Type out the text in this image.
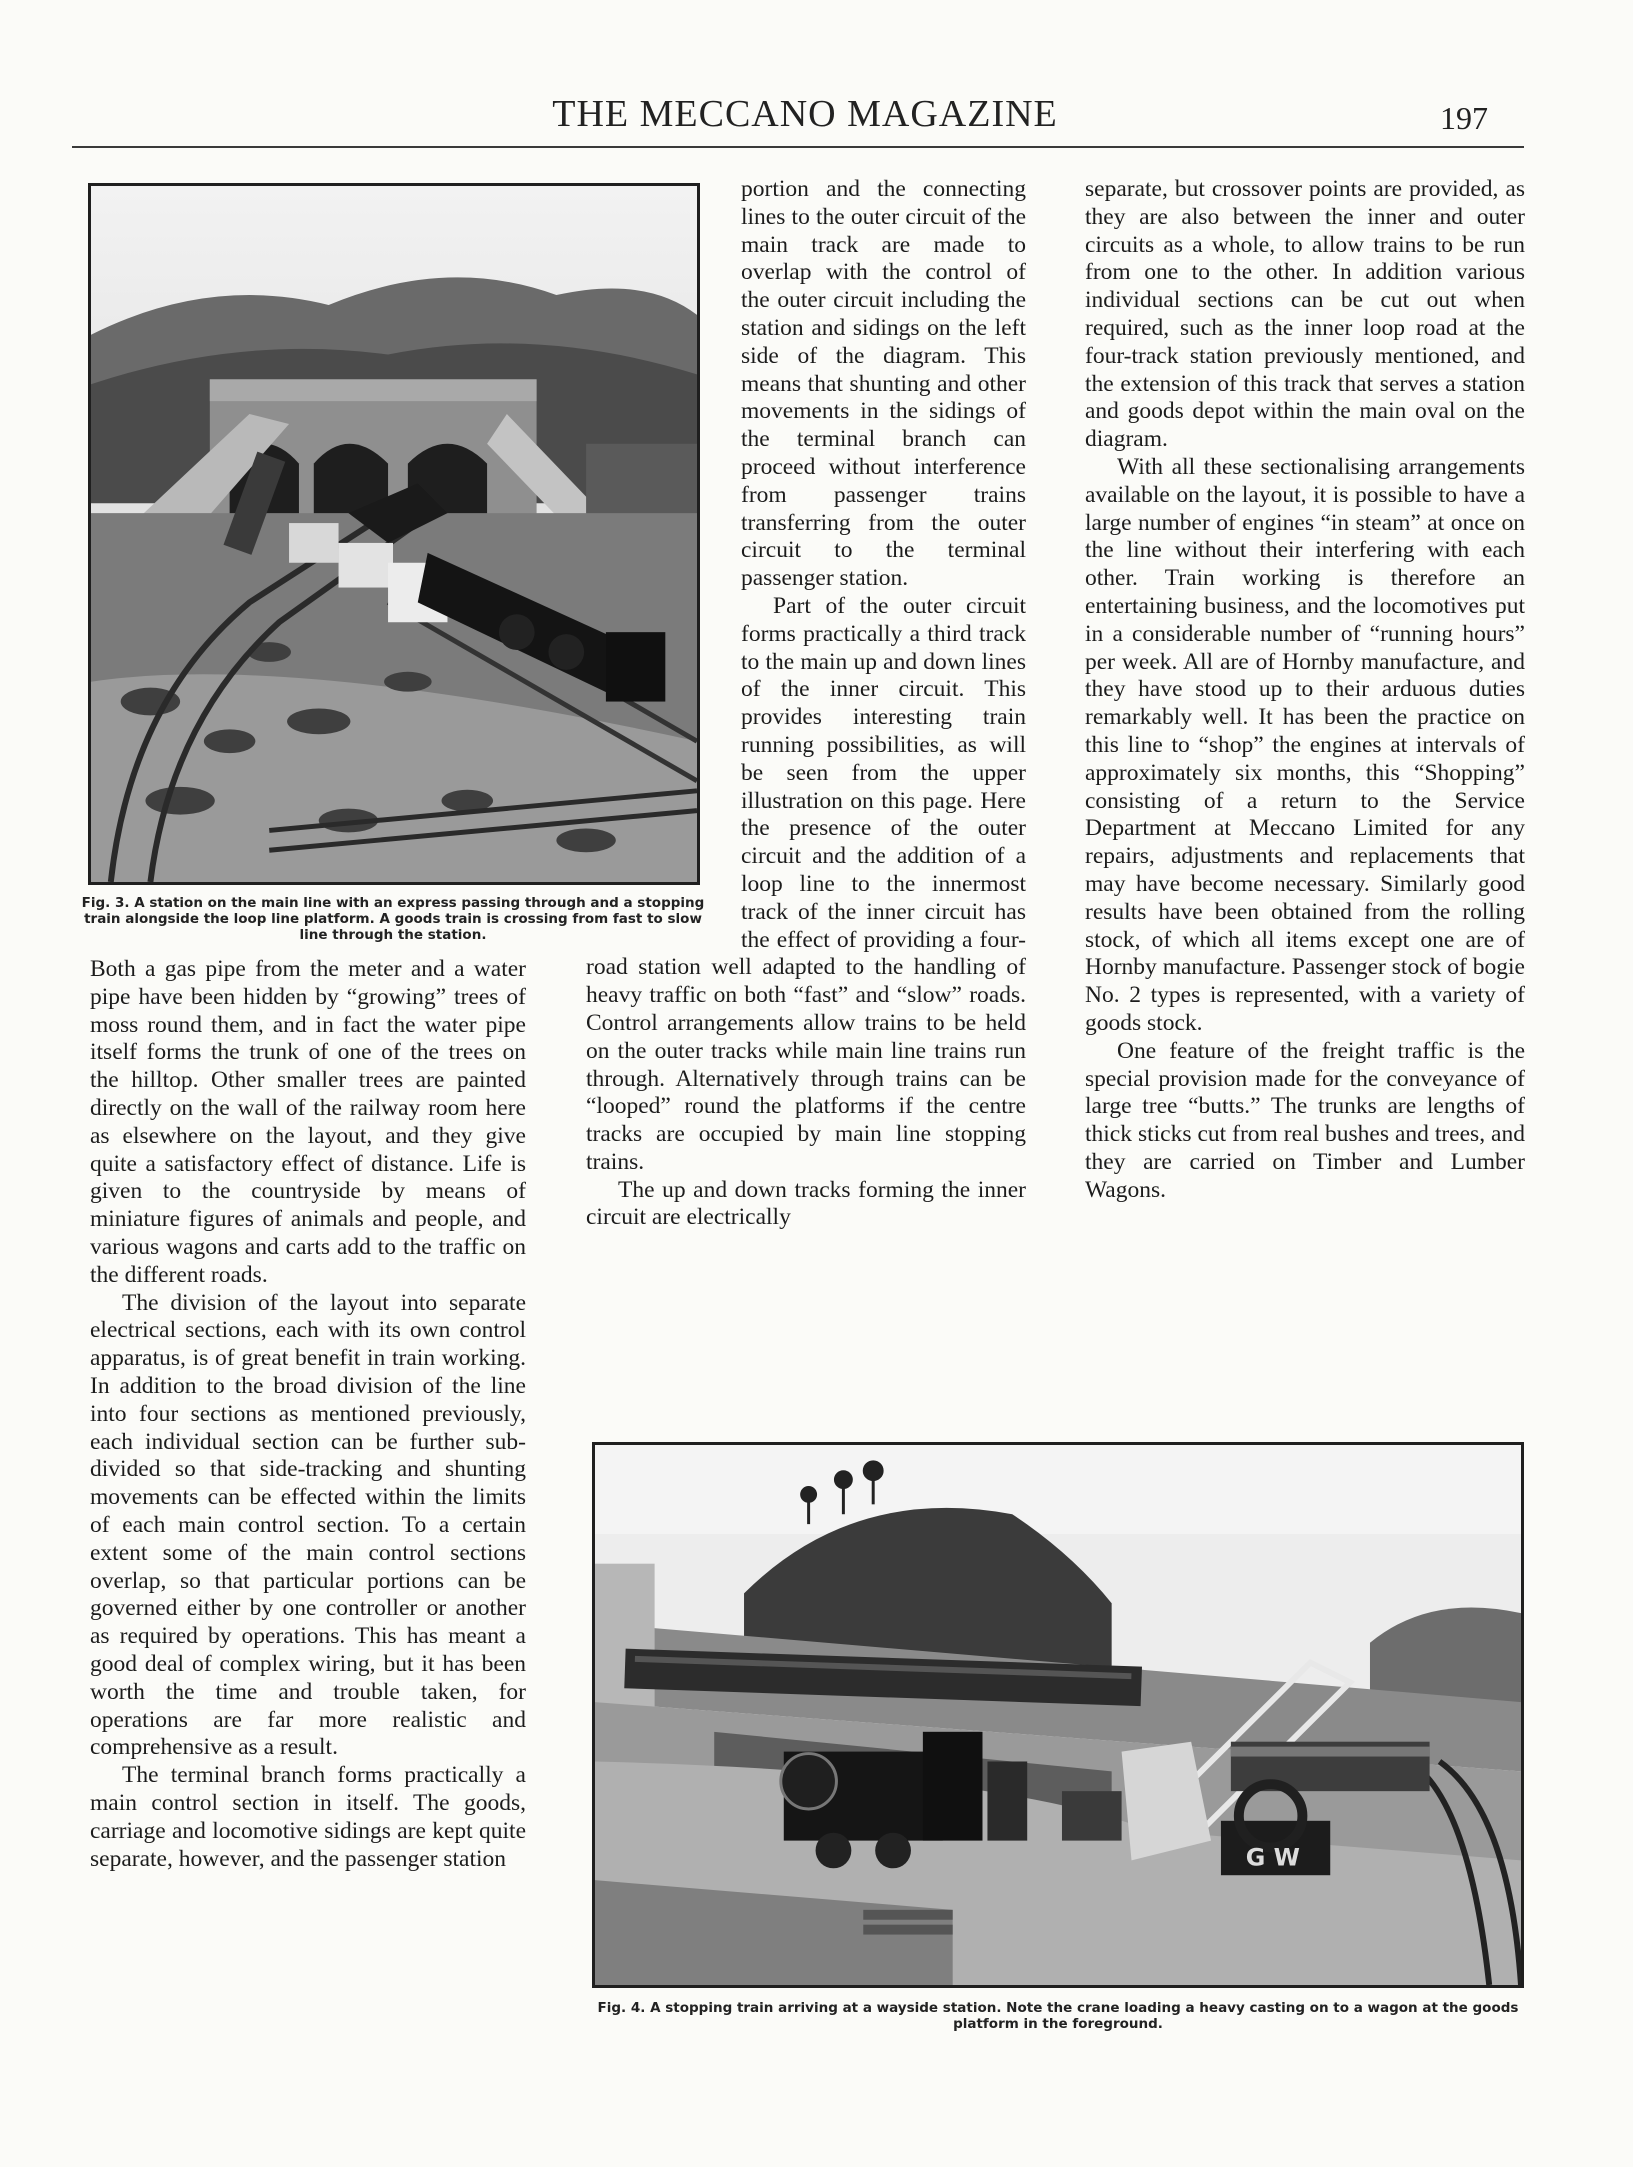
THE MECCANO MAGAZINE	197
Fig. 3. A station on the main line with an express passing through and a stopping train alongside the loop line platform. A goods train is crossing from fast to slow line through the station.

portion and the connecting lines to the outer circuit of the main track are made to overlap with the control of the outer circuit including the station and sidings on the left side of the diagram. This means that shunting and other movements in the sidings of the terminal branch can proceed without interference from passenger trains transferring from the outer circuit to the terminal passenger station.

Part of the outer circuit forms practically a third track to the main up and down lines of the inner circuit. This provides interesting train running possibilities, as will be seen from the upper illustration on this page. Here the presence of the outer circuit and the addition of a loop line to the innermost track of the inner circuit has the effect of providing a four-road station well adapted to the handling of heavy traffic on both “fast” and “slow” roads. Control arrangements allow trains to be held on the outer tracks while main line trains run through. Alternatively through trains can be “looped” round the platforms if the centre tracks are occupied by main line stopping trains.

The up and down tracks forming the inner circuit are electrically

Both a gas pipe from the meter and a water pipe have been hidden by “growing” trees of moss round them, and in fact the water pipe itself forms the trunk of one of the trees on the hilltop. Other smaller trees are painted directly on the wall of the railway room here as elsewhere on the layout, and they give quite a satisfactory effect of distance. Life is given to the countryside by means of miniature figures of animals and people, and various wagons and carts add to the traffic on the different roads.

The division of the layout into separate electrical sections, each with its own control apparatus, is of great benefit in train working. In addition to the broad division of the line into four sections as mentioned previously, each individual section can be further sub-divided so that side-tracking and shunting movements can be effected within the limits of each main control section. To a certain extent some of the main control sections overlap, so that particular portions can be governed either by one controller or another as required by operations. This has meant a good deal of complex wiring, but it has been worth the time and trouble taken, for operations are far more realistic and comprehensive as a result.

The terminal branch forms practically a main control section in itself. The goods, carriage and locomotive sidings are kept quite separate, however, and the passenger station

separate, but crossover points are provided, as they are also between the inner and outer circuits as a whole, to allow trains to be run from one to the other. In addition various individual sections can be cut out when required, such as the inner loop road at the four-track station previously mentioned, and the extension of this track that serves a station and goods depot within the main oval on the diagram.

With all these sectionalising arrangements available on the layout, it is possible to have a large number of engines “in steam” at once on the line without their interfering with each other. Train working is therefore an entertaining business, and the locomotives put in a considerable number of “running hours” per week. All are of Hornby manufacture, and they have stood up to their arduous duties remarkably well. It has been the practice on this line to “shop” the engines at intervals of approximately six months, this “Shopping” consisting of a return to the Service Department at Meccano Limited for any repairs, adjustments and replacements that may have become necessary. Similarly good results have been obtained from the rolling stock, of which all items except one are of Hornby manufacture. Passenger stock of bogie No. 2 types is represented, with a variety of goods stock.

One feature of the freight traffic is the special provision made for the conveyance of large tree “butts.” The trunks are lengths of thick sticks cut from real bushes and trees, and they are carried on Timber and Lumber Wagons.

G W
Fig. 4. A stopping train arriving at a wayside station. Note the crane loading a heavy casting on to a wagon at the goods platform in the foreground.
